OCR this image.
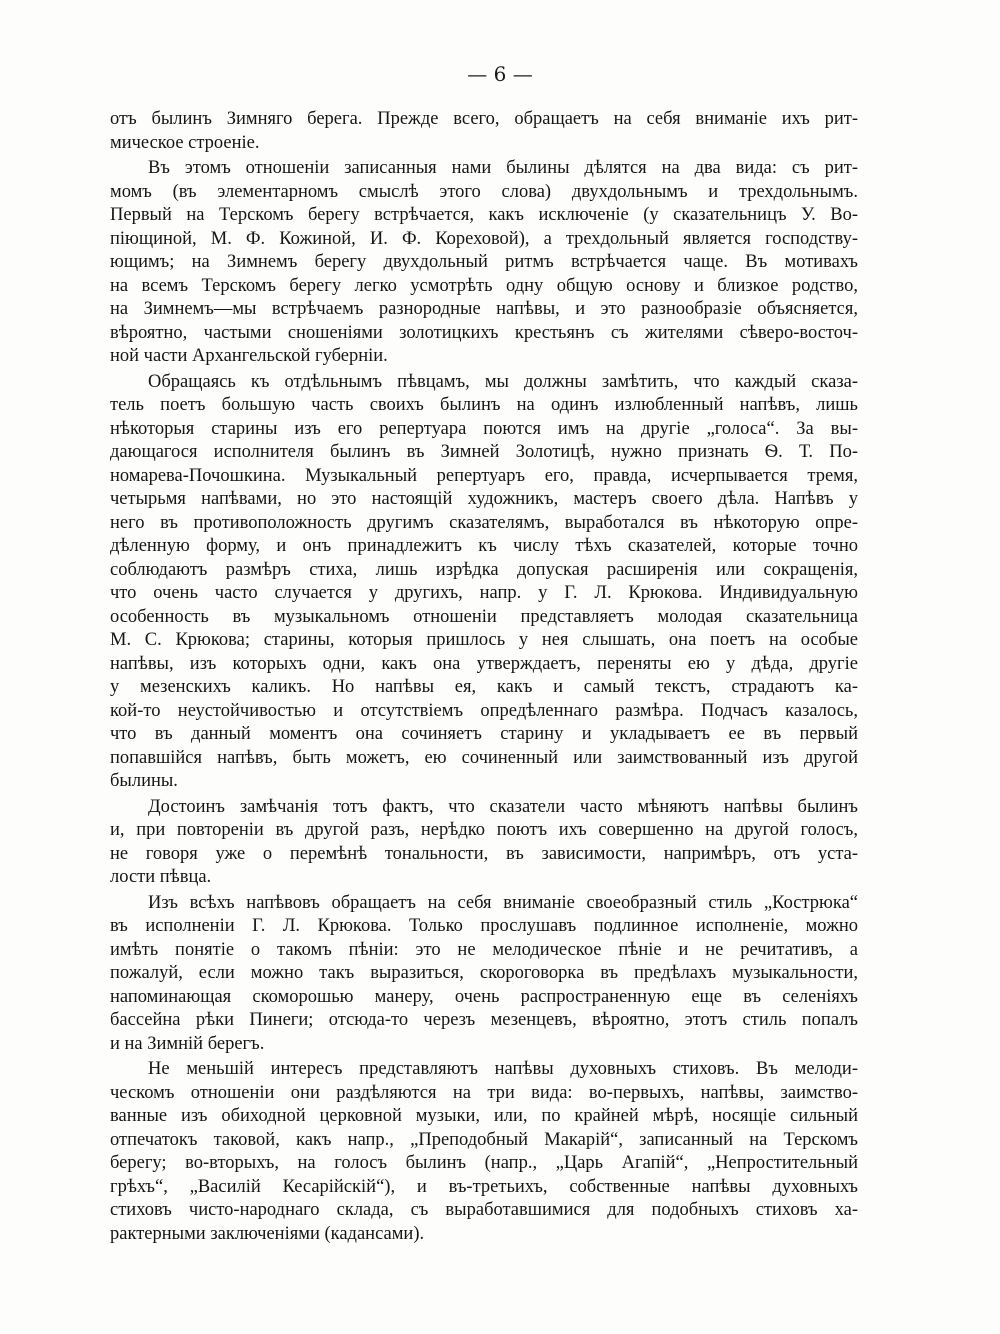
— 6 —
отъ былинъ Зимняго берега. Прежде всего, обращаетъ на себя вниманіе ихъ рит-
мическое строеніе.
Въ этомъ отношеніи записанныя нами былины дѣлятся на два вида: съ рит-
момъ (въ элементарномъ смыслѣ этого слова) двухдольнымъ и трехдольнымъ.
Первый на Терскомъ берегу встрѣчается, какъ исключеніе (у сказательницъ У. Во-
піющиной, М. Ф. Кожиной, И. Ф. Кореховой), а трехдольный является господству-
ющимъ; на Зимнемъ берегу двухдольный ритмъ встрѣчается чаще. Въ мотивахъ
на всемъ Терскомъ берегу легко усмотрѣть одну общую основу и близкое родство,
на Зимнемъ—мы встрѣчаемъ разнородные напѣвы, и это разнообразіе объясняется,
вѣроятно, частыми сношеніями золотицкихъ крестьянъ съ жителями сѣверо-восточ-
ной части Архангельской губерніи.
Обращаясь къ отдѣльнымъ пѣвцамъ, мы должны замѣтить, что каждый сказа-
тель поетъ большую часть своихъ былинъ на одинъ излюбленный напѣвъ, лишь
нѣкоторыя старины изъ его репертуара поются имъ на другіе „голоса“. За вы-
дающагося исполнителя былинъ въ Зимней Золотицѣ, нужно признать Ѳ. Т. По-
номарева-Почошкина. Музыкальный репертуаръ его, правда, исчерпывается тремя,
четырьмя напѣвами, но это настоящій художникъ, мастеръ своего дѣла. Напѣвъ у
него въ противоположность другимъ сказателямъ, выработался въ нѣкоторую опре-
дѣленную форму, и онъ принадлежитъ къ числу тѣхъ сказателей, которые точно
соблюдаютъ размѣръ стиха, лишь изрѣдка допуская расширенія или сокращенія,
что очень часто случается у другихъ, напр. у Г. Л. Крюкова. Индивидуальную
особенность въ музыкальномъ отношеніи представляетъ молодая сказательница
М. С. Крюкова; старины, которыя пришлось у нея слышать, она поетъ на особые
напѣвы, изъ которыхъ одни, какъ она утверждаетъ, переняты ею у дѣда, другіе
у мезенскихъ каликъ. Но напѣвы ея, какъ и самый текстъ, страдаютъ ка-
кой-то неустойчивостью и отсутствіемъ опредѣленнаго размѣра. Подчасъ казалось,
что въ данный моментъ она сочиняетъ старину и укладываетъ ее въ первый
попавшійся напѣвъ, быть можетъ, ею сочиненный или заимствованный изъ другой
былины.
Достоинъ замѣчанія тотъ фактъ, что сказатели часто мѣняютъ напѣвы былинъ
и, при повтореніи въ другой разъ, нерѣдко поютъ ихъ совершенно на другой голосъ,
не говоря уже о перемѣнѣ тональности, въ зависимости, напримѣръ, отъ уста-
лости пѣвца.
Изъ всѣхъ напѣвовъ обращаетъ на себя вниманіе своеобразный стиль „Кострюка“
въ исполненіи Г. Л. Крюкова. Только прослушавъ подлинное исполненіе, можно
имѣть понятіе о такомъ пѣніи: это не мелодическое пѣніе и не речитативъ, а
пожалуй, если можно такъ выразиться, скороговорка въ предѣлахъ музыкальности,
напоминающая скоморошью манеру, очень распространенную еще въ селеніяхъ
бассейна рѣки Пинеги; отсюда-то черезъ мезенцевъ, вѣроятно, этотъ стиль попалъ
и на Зимній берегъ.
Не меньшій интересъ представляютъ напѣвы духовныхъ стиховъ. Въ мелоди-
ческомъ отношеніи они раздѣляются на три вида: во-первыхъ, напѣвы, заимство-
ванные изъ обиходной церковной музыки, или, по крайней мѣрѣ, носящіе сильный
отпечатокъ таковой, какъ напр., „Преподобный Макарій“, записанный на Терскомъ
берегу; во-вторыхъ, на голосъ былинъ (напр., „Царь Агапій“, „Непростительный
грѣхъ“, „Василій Кесарійскій“), и въ-третьихъ, собственные напѣвы духовныхъ
стиховъ чисто-народнаго склада, съ выработавшимися для подобныхъ стиховъ ха-
рактерными заключеніями (кадансами).
